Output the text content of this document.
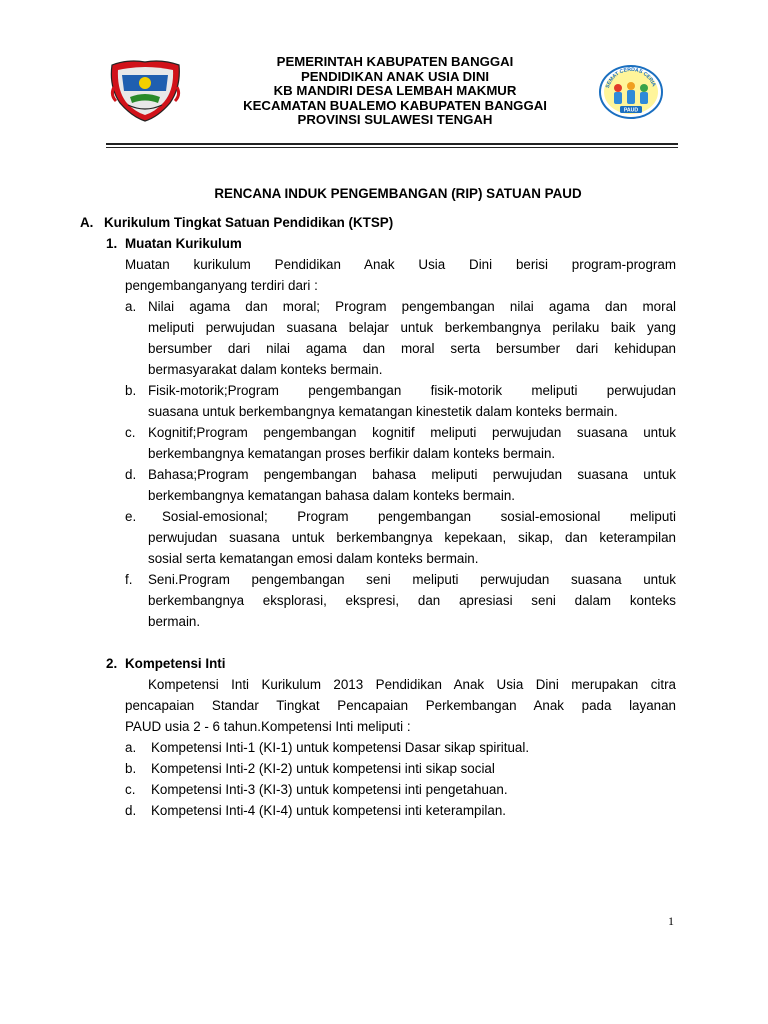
PEMERINTAH KABUPATEN BANGGAI
PENDIDIKAN ANAK USIA DINI
KB MANDIRI DESA LEMBAH MAKMUR
KECAMATAN BUALEMO KABUPATEN BANGGAI
PROVINSI SULAWESI TENGAH
SEMAT CERDAS CERIA
PAUD
RENCANA INDUK PENGEMBANGAN (RIP) SATUAN PAUD
A. Kurikulum Tingkat Satuan Pendidikan (KTSP)
1. Muatan Kurikulum
Muatan kurikulum Pendidikan Anak Usia Dini berisi program-program
pengembanganyang terdiri dari :
a. Nilai agama dan moral; Program pengembangan nilai agama dan moral
meliputi perwujudan suasana belajar untuk berkembangnya perilaku baik yang
bersumber dari nilai agama dan moral serta bersumber dari kehidupan
bermasyarakat dalam konteks bermain.
b. Fisik-motorik;Program pengembangan fisik-motorik meliputi perwujudan
suasana untuk berkembangnya kematangan kinestetik dalam konteks bermain.
c. Kognitif;Program pengembangan kognitif meliputi perwujudan suasana untuk
berkembangnya kematangan proses berfikir dalam konteks bermain.
d. Bahasa;Program pengembangan bahasa meliputi perwujudan suasana untuk
berkembangnya kematangan bahasa dalam konteks bermain.
e. Sosial-emosional; Program pengembangan sosial-emosional meliputi
perwujudan suasana untuk berkembangnya kepekaan, sikap, dan keterampilan
sosial serta kematangan emosi dalam konteks bermain.
f. Seni.Program pengembangan seni meliputi perwujudan suasana untuk
berkembangnya eksplorasi, ekspresi, dan apresiasi seni dalam konteks
bermain.
2. Kompetensi Inti
Kompetensi Inti Kurikulum 2013 Pendidikan Anak Usia Dini merupakan citra
pencapaian Standar Tingkat Pencapaian Perkembangan Anak pada layanan
PAUD usia 2 - 6 tahun.Kompetensi Inti meliputi :
a. Kompetensi Inti-1 (KI-1) untuk kompetensi Dasar sikap spiritual.
b. Kompetensi Inti-2 (KI-2) untuk kompetensi inti sikap social
c. Kompetensi Inti-3 (KI-3) untuk kompetensi inti pengetahuan.
d. Kompetensi Inti-4 (KI-4) untuk kompetensi inti keterampilan.
1
